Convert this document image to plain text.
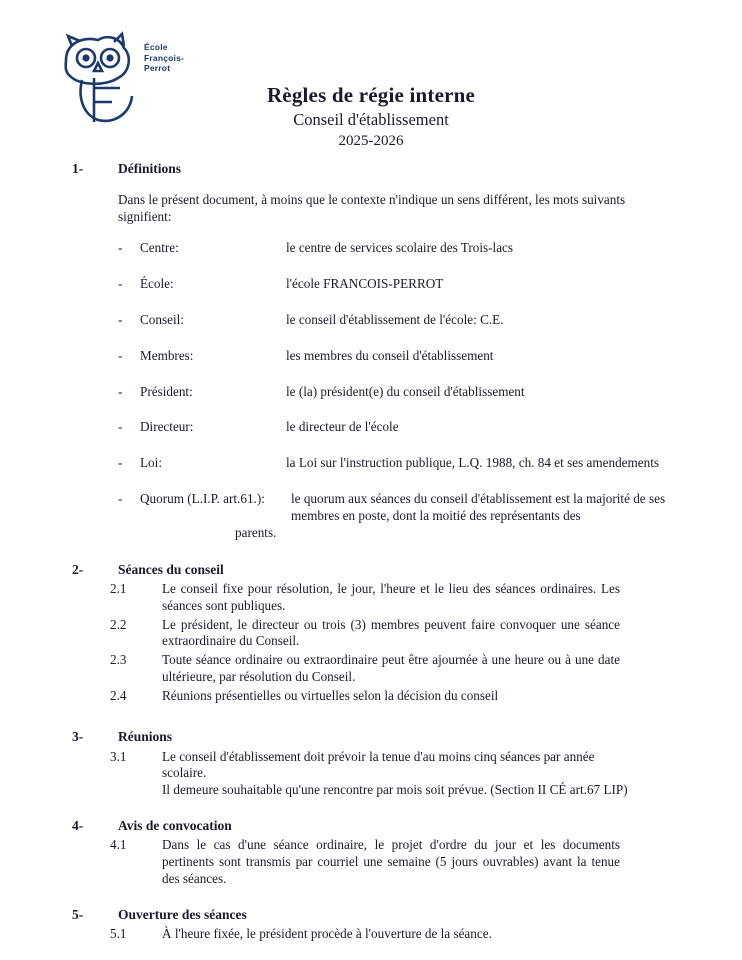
École
François-Perrot
Règles de régie interne
Conseil d'établissement
2025-2026
1-	Définitions
Dans le présent document, à moins que le contexte n'indique un sens différent, les mots suivants signifient:
- Centre:	le centre de services scolaire des Trois-lacs
- École:	l'école FRANCOIS-PERROT
- Conseil:	le conseil d'établissement de l'école: C.E.
- Membres:	les membres du conseil d'établissement
- Président:	le (la) président(e) du conseil d'établissement
- Directeur:	le directeur de l'école
- Loi:	la Loi sur l'instruction publique, L.Q. 1988, ch. 84 et ses amendements
- Quorum (L.I.P. art.61.): le quorum aux séances du conseil d'établissement est la majorité de ses membres en poste, dont la moitié des représentants des
parents.
2-	Séances du conseil
2.1	Le conseil fixe pour résolution, le jour, l'heure et le lieu des séances ordinaires. Les séances sont publiques.
2.2	Le président, le directeur ou trois (3) membres peuvent faire convoquer une séance extraordinaire du Conseil.
2.3	Toute séance ordinaire ou extraordinaire peut être ajournée à une heure ou à une date ultérieure, par résolution du Conseil.
2.4	Réunions présentielles ou virtuelles selon la décision du conseil
3-	Réunions
3.1	Le conseil d'établissement doit prévoir la tenue d'au moins cinq séances par année scolaire.
Il demeure souhaitable qu'une rencontre par mois soit prévue. (Section II CÉ art.67 LIP)
4-	Avis de convocation
4.1	Dans le cas d'une séance ordinaire, le projet d'ordre du jour et les documents pertinents sont transmis par courriel une semaine (5 jours ouvrables) avant la tenue des séances.
5-	Ouverture des séances
5.1	À l'heure fixée, le président procède à l'ouverture de la séance.
